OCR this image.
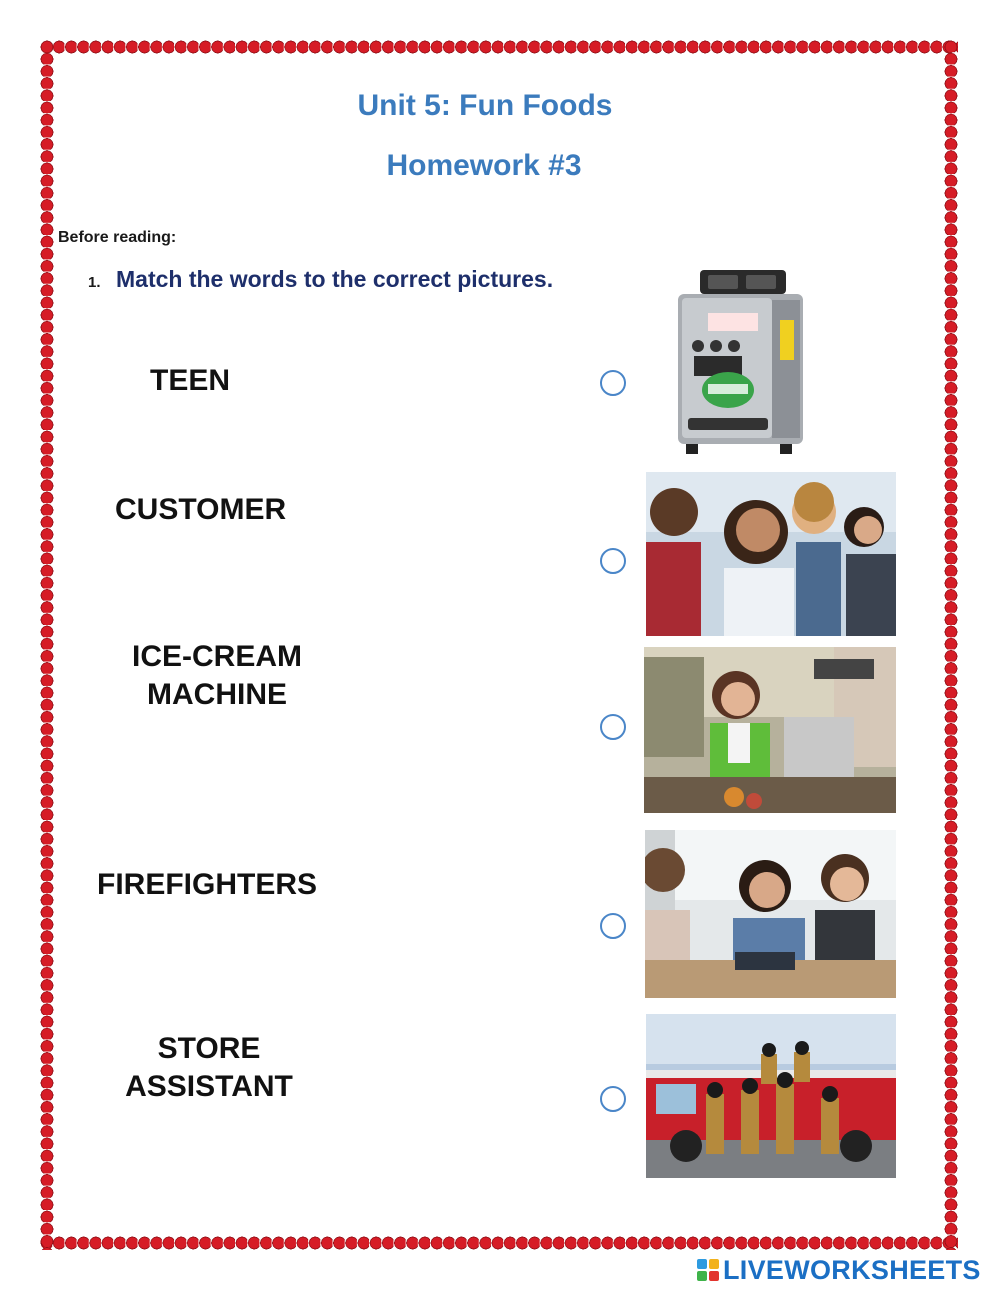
Unit 5: Fun Foods
Homework #3
Before reading:
1. Match the words to the correct pictures.
TEEN
CUSTOMER
ICE-CREAM
MACHINE
FIREFIGHTERS
STORE
ASSISTANT
LIVEWORKSHEETS
